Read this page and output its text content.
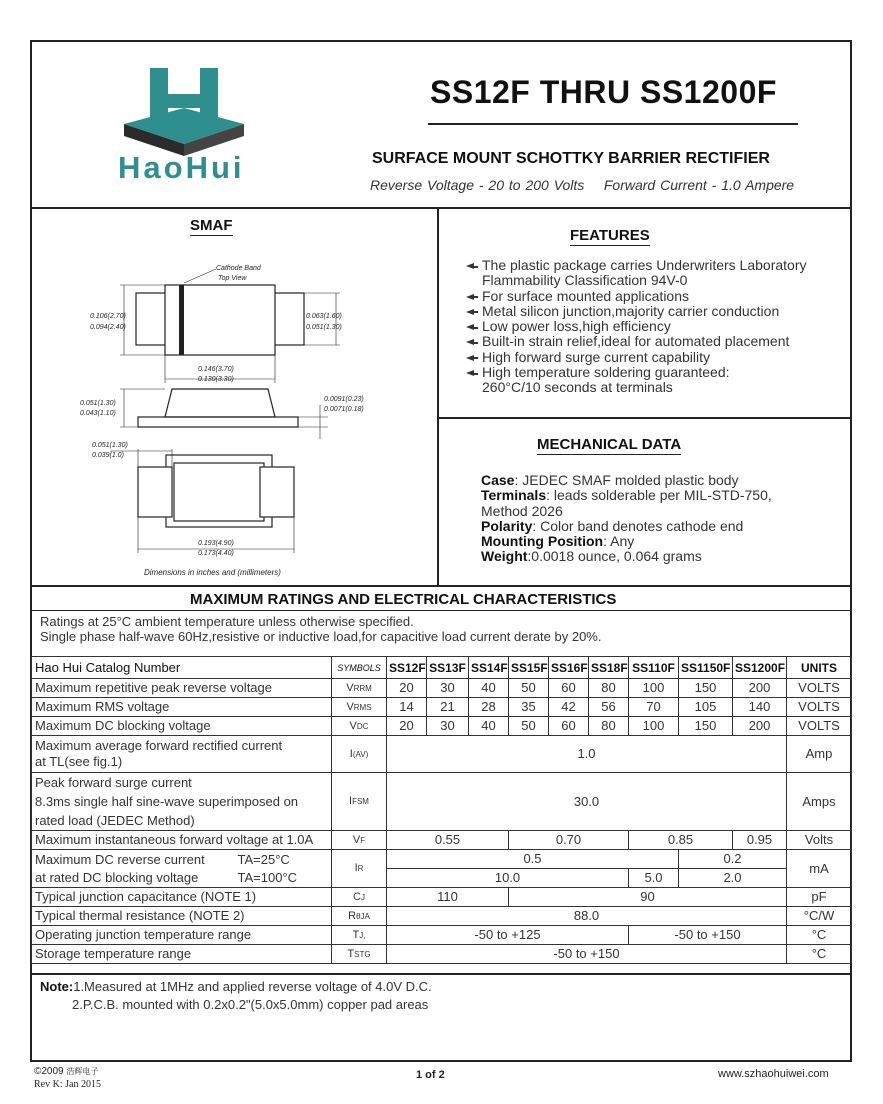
HaoHui
SS12F THRU SS1200F
SURFACE MOUNT SCHOTTKY BARRIER RECTIFIER
Reverse Voltage - 20 to 200 Volts Forward Current - 1.0 Ampere
SMAF
Cathode Band
Top View
0.106(2.70)
0.094(2.40)
0.063(1.60)
0.051(1.30)
0.146(3.70)
0.130(3.30)
0.051(1.30)
0.043(1.10)
0.0091(0.23)
0.0071(0.18)
0.051(1.30)
0.039(1.0)
0.193(4.90)
0.173(4.40)
Dimensions in inches and (millimeters)
FEATURES
The plastic package carries Underwriters Laboratory
Flammability Classification 94V-0
For surface mounted applications
Metal silicon junction,majority carrier conduction
Low power loss,high efficiency
Built-in strain relief,ideal for automated placement
High forward surge current capability
High temperature soldering guaranteed:
260°C/10 seconds at terminals
MECHANICAL DATA
Case: JEDEC SMAF molded plastic body
Terminals: leads solderable per MIL-STD-750,
Method 2026
Polarity: Color band denotes cathode end
Mounting Position: Any
Weight:0.0018 ounce, 0.064 grams
MAXIMUM RATINGS AND ELECTRICAL CHARACTERISTICS
Ratings at 25°C ambient temperature unless otherwise specified.
Single phase half-wave 60Hz,resistive or inductive load,for capacitive load current derate by 20%.
Hao Hui Catalog Number	SYMBOLS	SS12F	SS13F	SS14F	SS15F	SS16F	SS18F	SS110F	SS1150F	SS1200F	UNITS
Maximum repetitive peak reverse voltage	VRRM	20	30	40	50	60	80	100	150	200	VOLTS
Maximum RMS voltage	VRMS	14	21	28	35	42	56	70	105	140	VOLTS
Maximum DC blocking voltage	VDC	20	30	40	50	60	80	100	150	200	VOLTS

Maximum average forward rectified current
at TL(see fig.1)	I(AV)	1.0									Amp

Peak forward surge current
8.3ms single half sine-wave superimposed on
rated load (JEDEC Method)	IFSM	30.0									Amps
Maximum instantaneous forward voltage at 1.0A	VF	0.55			0.70			0.85		0.95	Volts

Maximum DC reverse current TA=25°C
at rated DC blocking voltage TA=100°C	IR	0.5							0.2		mA
		10.0						5.0	2.0		
Typical junction capacitance (NOTE 1)	CJ	110			90						pF
Typical thermal resistance (NOTE 2)	RθJA	88.0									°C/W
Operating junction temperature range	TJ,	-50 to +125						-50 to +150			°C
Storage temperature range	TSTG	-50 to +150									°C
Note:1.Measured at 1MHz and applied reverse voltage of 4.0V D.C.
2.P.C.B. mounted with 0.2x0.2"(5.0x5.0mm) copper pad areas
©2009 浩辉电子
Rev K: Jan 2015
1 of 2	www.szhaohuiwei.com
